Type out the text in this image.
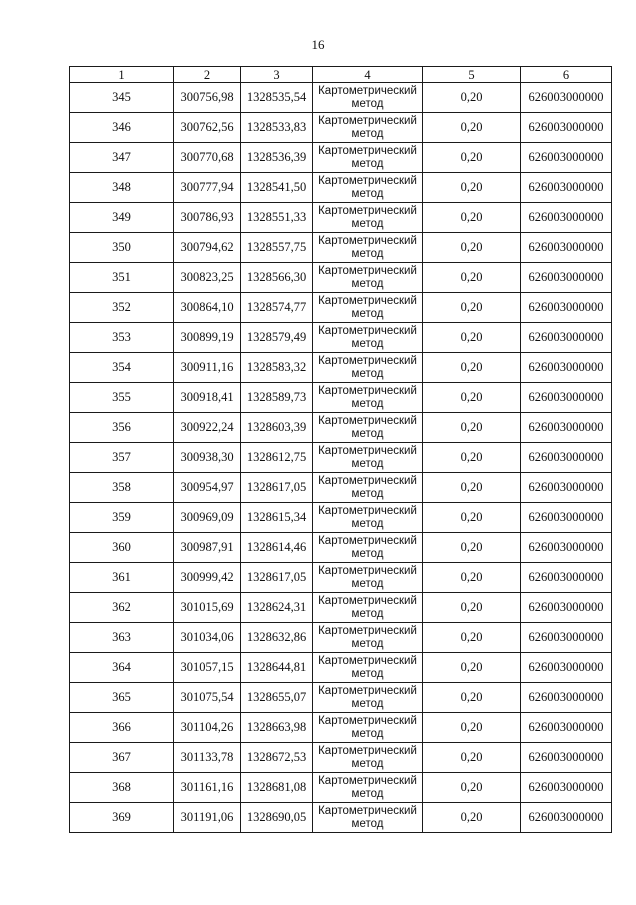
16
1	2	3	4	5	6
345	300756,98	1328535,54	Картометрический метод	0,20	626003000000
346	300762,56	1328533,83	Картометрический метод	0,20	626003000000
347	300770,68	1328536,39	Картометрический метод	0,20	626003000000
348	300777,94	1328541,50	Картометрический метод	0,20	626003000000
349	300786,93	1328551,33	Картометрический метод	0,20	626003000000
350	300794,62	1328557,75	Картометрический метод	0,20	626003000000
351	300823,25	1328566,30	Картометрический метод	0,20	626003000000
352	300864,10	1328574,77	Картометрический метод	0,20	626003000000
353	300899,19	1328579,49	Картометрический метод	0,20	626003000000
354	300911,16	1328583,32	Картометрический метод	0,20	626003000000
355	300918,41	1328589,73	Картометрический метод	0,20	626003000000
356	300922,24	1328603,39	Картометрический метод	0,20	626003000000
357	300938,30	1328612,75	Картометрический метод	0,20	626003000000
358	300954,97	1328617,05	Картометрический метод	0,20	626003000000
359	300969,09	1328615,34	Картометрический метод	0,20	626003000000
360	300987,91	1328614,46	Картометрический метод	0,20	626003000000
361	300999,42	1328617,05	Картометрический метод	0,20	626003000000
362	301015,69	1328624,31	Картометрический метод	0,20	626003000000
363	301034,06	1328632,86	Картометрический метод	0,20	626003000000
364	301057,15	1328644,81	Картометрический метод	0,20	626003000000
365	301075,54	1328655,07	Картометрический метод	0,20	626003000000
366	301104,26	1328663,98	Картометрический метод	0,20	626003000000
367	301133,78	1328672,53	Картометрический метод	0,20	626003000000
368	301161,16	1328681,08	Картометрический метод	0,20	626003000000
369	301191,06	1328690,05	Картометрический метод	0,20	626003000000
